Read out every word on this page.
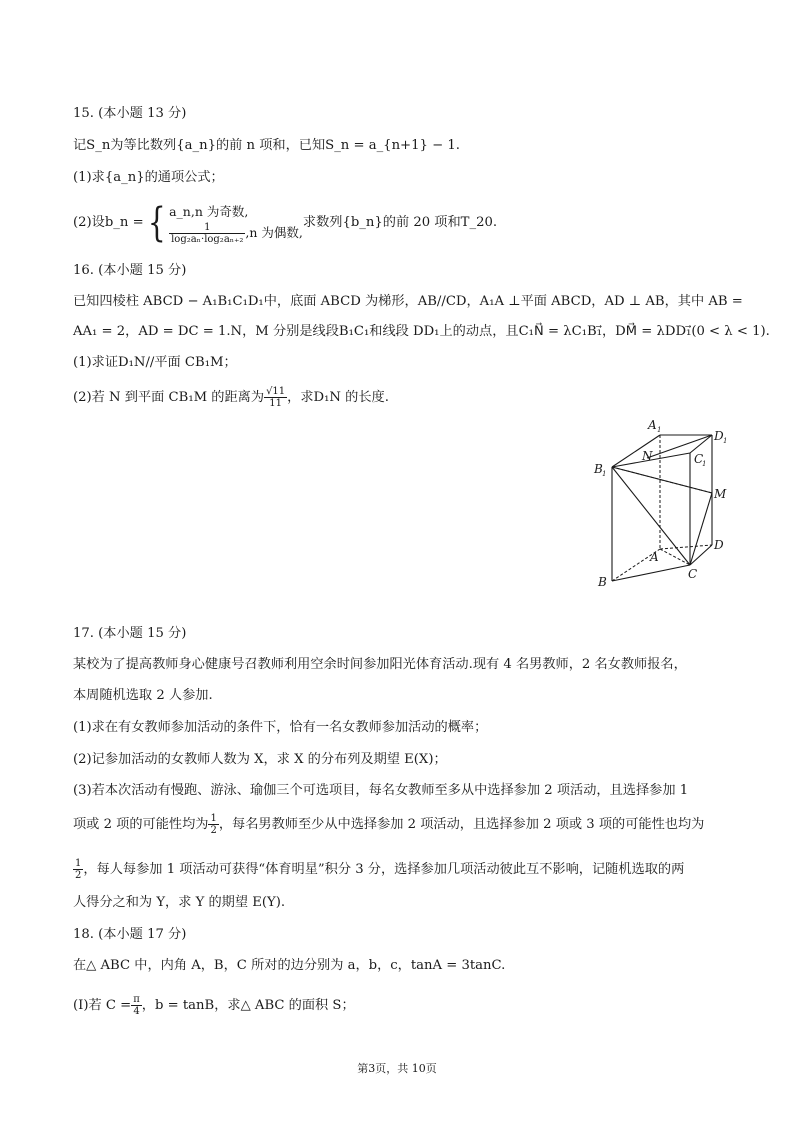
15. (本小题 13 分)
记S_n为等比数列{a_n}的前 n 项和，已知S_n = a_{n+1} − 1.
(1)求{a_n}的通项公式；
(2)设b_n = { a_n,n 为奇数,
$\frac{1}{\text{log₂aₙ·log₂aₙ₊₂}} ,n$ 为偶数,
求数列{b_n}的前 20 项和T_20.
16. (本小题 15 分)
已知四棱柱 ABCD − A₁B₁C₁D₁中，底面 ABCD 为梯形，AB//CD，A₁A ⊥平面 ABCD，AD ⊥ AB，其中 AB =
AA₁ = 2，AD = DC = 1.N，M 分别是线段B₁C₁和线段 DD₁上的动点，且C₁N⃗ = λC₁B₁⃗，DM⃗ = λDD₁⃗(0 < λ < 1).
(1)求证D₁N//平面 CB₁M；
(2)若 N 到平面 CB₁M 的距离为 $\frac{√11}{11}$ ，求D₁N 的长度.
A 1	D 1
B 1
C
1
N
M
D
A
B
C
17. (本小题 15 分)
某校为了提高教师身心健康号召教师利用空余时间参加阳光体育活动.现有 4 名男教师，2 名女教师报名，
本周随机选取 2 人参加.
(1)求在有女教师参加活动的条件下，恰有一名女教师参加活动的概率；
(2)记参加活动的女教师人数为 X，求 X 的分布列及期望 E(X)；
(3)若本次活动有慢跑、游泳、瑜伽三个可选项目，每名女教师至多从中选择参加 2 项活动，且选择参加 1
项或 2 项的可能性均为 $\frac{1}{2}$ ，每名男教师至少从中选择参加 2 项活动，且选择参加 2 项或 3 项的可能性也均为
$\frac{1}{2}$ ，每人每参加 1 项活动可获得“体育明星”积分 3 分，选择参加几项活动彼此互不影响，记随机选取的两
人得分之和为 Y，求 Y 的期望 E(Y).
18. (本小题 17 分)
在△ ABC 中，内角 A，B，C 所对的边分别为 a，b，c，tanA = 3tanC.
(Ⅰ)若 $C = \frac{\pi}{4}$ ，b = tanB，求△ ABC 的面积 S；
第3页，共 10页
